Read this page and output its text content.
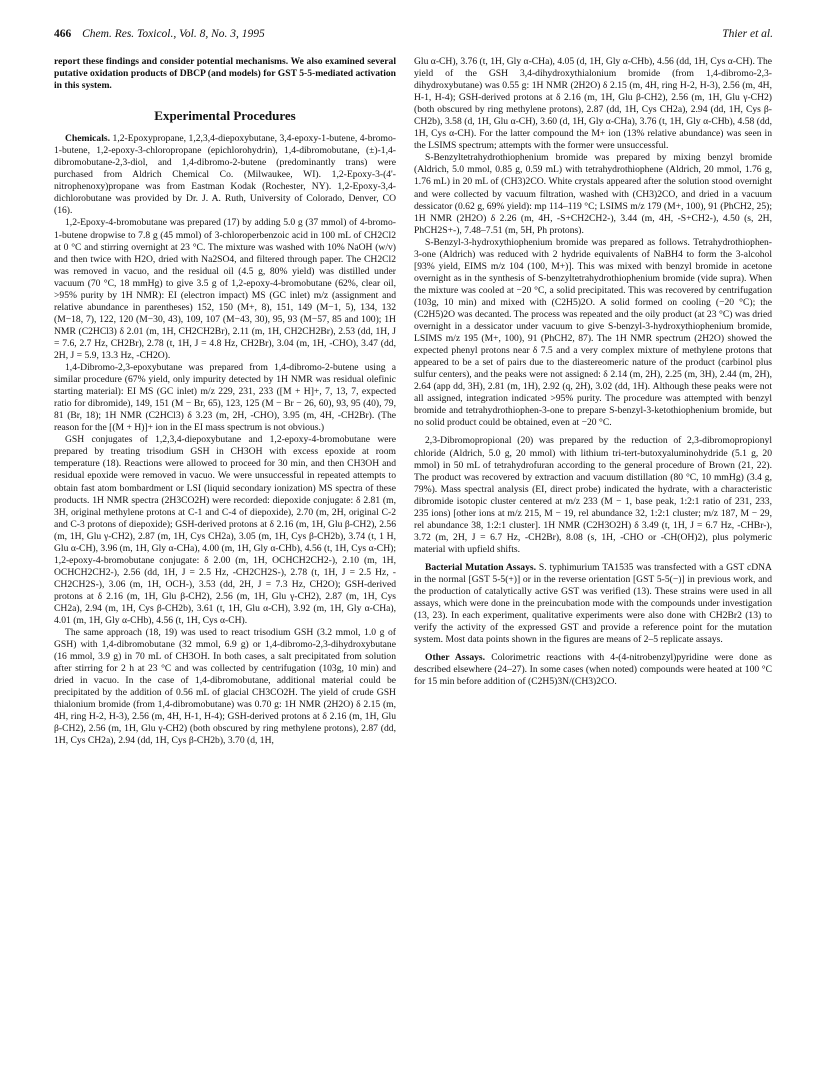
466 Chem. Res. Toxicol., Vol. 8, No. 3, 1995	Thier et al.

report these findings and consider potential mechanisms. We also examined several putative oxidation products of DBCP (and models) for GST 5-5-mediated activation in this system.

Experimental Procedures

Chemicals. 1,2-Epoxypropane, 1,2,3,4-diepoxybutane, 3,4-epoxy-1-butene, 4-bromo-1-butene, 1,2-epoxy-3-chloropropane (epichlorohydrin), 1,4-dibromobutane, (±)-1,4-dibromobutane-2,3-diol, and 1,4-dibromo-2-butene (predominantly trans) were purchased from Aldrich Chemical Co. (Milwaukee, WI). 1,2-Epoxy-3-(4'-nitrophenoxy)propane was from Eastman Kodak (Rochester, NY). 1,2-Epoxy-3,4-dichlorobutane was provided by Dr. J. A. Ruth, University of Colorado, Denver, CO (16).

1,2-Epoxy-4-bromobutane was prepared (17) by adding 5.0 g (37 mmol) of 4-bromo-1-butene dropwise to 7.8 g (45 mmol) of 3-chloroperbenzoic acid in 100 mL of CH2Cl2 at 0 °C and stirring overnight at 23 °C. The mixture was washed with 10% NaOH (w/v) and then twice with H2O, dried with Na2SO4, and filtered through paper. The CH2Cl2 was removed in vacuo, and the residual oil (4.5 g, 80% yield) was distilled under vacuum (70 °C, 18 mmHg) to give 3.5 g of 1,2-epoxy-4-bromobutane (62%, clear oil, >95% purity by 1H NMR): EI (electron impact) MS (GC inlet) m/z (assignment and relative abundance in parentheses) 152, 150 (M+, 8), 151, 149 (M−1, 5), 134, 132 (M−18, 7), 122, 120 (M−30, 43), 109, 107 (M−43, 30), 95, 93 (M−57, 85 and 100); 1H NMR (C2HCl3) δ 2.01 (m, 1H, CH2CH2Br), 2.11 (m, 1H, CH2CH2Br), 2.53 (dd, 1H, J = 7.6, 2.7 Hz, CH2Br), 2.78 (t, 1H, J = 4.8 Hz, CH2Br), 3.04 (m, 1H, -CHO), 3.47 (dd, 2H, J = 5.9, 13.3 Hz, -CH2O).

1,4-Dibromo-2,3-epoxybutane was prepared from 1,4-dibromo-2-butene using a similar procedure (67% yield, only impurity detected by 1H NMR was residual olefinic starting material): EI MS (GC inlet) m/z 229, 231, 233 ([M + H]+, 7, 13, 7, expected ratio for dibromide), 149, 151 (M − Br, 65), 123, 125 (M − Br − 26, 60), 93, 95 (40), 79, 81 (Br, 18); 1H NMR (C2HCl3) δ 3.23 (m, 2H, -CHO), 3.95 (m, 4H, -CH2Br). (The reason for the [(M + H)]+ ion in the EI mass spectrum is not obvious.)

GSH conjugates of 1,2,3,4-diepoxybutane and 1,2-epoxy-4-bromobutane were prepared by treating trisodium GSH in CH3OH with excess epoxide at room temperature (18). Reactions were allowed to proceed for 30 min, and then CH3OH and residual epoxide were removed in vacuo. We were unsuccessful in repeated attempts to obtain fast atom bombardment or LSI (liquid secondary ionization) MS spectra of these products. 1H NMR spectra (2H3CO2H) were recorded: diepoxide conjugate: δ 2.81 (m, 3H, original methylene protons at C-1 and C-4 of diepoxide), 2.70 (m, 2H, original C-2 and C-3 protons of diepoxide); GSH-derived protons at δ 2.16 (m, 1H, Glu β-CH2), 2.56 (m, 1H, Glu γ-CH2), 2.87 (m, 1H, Cys CH2a), 3.05 (m, 1H, Cys β-CH2b), 3.74 (t, 1 H, Glu α-CH), 3.96 (m, 1H, Gly α-CHa), 4.00 (m, 1H, Gly α-CHb), 4.56 (t, 1H, Cys α-CH); 1,2-epoxy-4-bromobutane conjugate: δ 2.00 (m, 1H, OCHCH2CH2-), 2.10 (m, 1H, OCHCH2CH2-), 2.56 (dd, 1H, J = 2.5 Hz, -CH2CH2S-), 2.78 (t, 1H, J = 2.5 Hz, -CH2CH2S-), 3.06 (m, 1H, OCH-), 3.53 (dd, 2H, J = 7.3 Hz, CH2O); GSH-derived protons at δ 2.16 (m, 1H, Glu β-CH2), 2.56 (m, 1H, Glu γ-CH2), 2.87 (m, 1H, Cys CH2a), 2.94 (m, 1H, Cys β-CH2b), 3.61 (t, 1H, Glu α-CH), 3.92 (m, 1H, Gly α-CHa), 4.01 (m, 1H, Gly α-CHb), 4.56 (t, 1H, Cys α-CH).

The same approach (18, 19) was used to react trisodium GSH (3.2 mmol, 1.0 g of GSH) with 1,4-dibromobutane (32 mmol, 6.9 g) or 1,4-dibromo-2,3-dihydroxybutane (16 mmol, 3.9 g) in 70 mL of CH3OH. In both cases, a salt precipitated from solution after stirring for 2 h at 23 °C and was collected by centrifugation (103g, 10 min) and dried in vacuo. In the case of 1,4-dibromobutane, additional material could be precipitated by the addition of 0.56 mL of glacial CH3CO2H. The yield of crude GSH thialonium bromide (from 1,4-dibromobutane) was 0.70 g: 1H NMR (2H2O) δ 2.15 (m, 4H, ring H-2, H-3), 2.56 (m, 4H, H-1, H-4); GSH-derived protons at δ 2.16 (m, 1H, Glu β-CH2), 2.56 (m, 1H, Glu γ-CH2) (both obscured by ring methylene protons), 2.87 (dd, 1H, Cys CH2a), 2.94 (dd, 1H, Cys β-CH2b), 3.70 (d, 1H,

Glu α-CH), 3.76 (t, 1H, Gly α-CHa), 4.05 (d, 1H, Gly α-CHb), 4.56 (dd, 1H, Cys α-CH). The yield of the GSH 3,4-dihydroxythialonium bromide (from 1,4-dibromo-2,3-dihydroxybutane) was 0.55 g: 1H NMR (2H2O) δ 2.15 (m, 4H, ring H-2, H-3), 2.56 (m, 4H, H-1, H-4); GSH-derived protons at δ 2.16 (m, 1H, Glu β-CH2), 2.56 (m, 1H, Glu γ-CH2) (both obscured by ring methylene protons), 2.87 (dd, 1H, Cys CH2a), 2.94 (dd, 1H, Cys β-CH2b), 3.58 (d, 1H, Glu α-CH), 3.60 (d, 1H, Gly α-CHa), 3.76 (t, 1H, Gly α-CHb), 4.58 (dd, 1H, Cys α-CH). For the latter compound the M+ ion (13% relative abundance) was seen in the LSIMS spectrum; attempts with the former were unsuccessful.

S-Benzyltetrahydrothiophenium bromide was prepared by mixing benzyl bromide (Aldrich, 5.0 mmol, 0.85 g, 0.59 mL) with tetrahydrothiophene (Aldrich, 20 mmol, 1.76 g, 1.76 mL) in 20 mL of (CH3)2CO. White crystals appeared after the solution stood overnight and were collected by vacuum filtration, washed with (CH3)2CO, and dried in a vacuum dessicator (0.62 g, 69% yield): mp 114–119 °C; LSIMS m/z 179 (M+, 100), 91 (PhCH2, 25); 1H NMR (2H2O) δ 2.26 (m, 4H, -S+CH2CH2-), 3.44 (m, 4H, -S+CH2-), 4.50 (s, 2H, PhCH2S+-), 7.48–7.51 (m, 5H, Ph protons).

S-Benzyl-3-hydroxythiophenium bromide was prepared as follows. Tetrahydrothiophen-3-one (Aldrich) was reduced with 2 hydride equivalents of NaBH4 to form the 3-alcohol [93% yield, EIMS m/z 104 (100, M+)]. This was mixed with benzyl bromide in acetone overnight as in the synthesis of S-benzyltetrahydrothiophenium bromide (vide supra). When the mixture was cooled at −20 °C, a solid precipitated. This was recovered by centrifugation (103g, 10 min) and mixed with (C2H5)2O. A solid formed on cooling (−20 °C); the (C2H5)2O was decanted. The process was repeated and the oily product (at 23 °C) was dried overnight in a dessicator under vacuum to give S-benzyl-3-hydroxythiophenium bromide, LSIMS m/z 195 (M+, 100), 91 (PhCH2, 87). The 1H NMR spectrum (2H2O) showed the expected phenyl protons near δ 7.5 and a very complex mixture of methylene protons that appeared to be a set of pairs due to the diastereomeric nature of the product (carbinol plus sulfur centers), and the peaks were not assigned: δ 2.14 (m, 2H), 2.25 (m, 3H), 2.44 (m, 2H), 2.64 (app dd, 3H), 2.81 (m, 1H), 2.92 (q, 2H), 3.02 (dd, 1H). Although these peaks were not all assigned, integration indicated >95% purity. The procedure was attempted with benzyl bromide and tetrahydrothiophen-3-one to prepare S-benzyl-3-ketothiophenium bromide, but no solid product could be obtained, even at −20 °C.

2,3-Dibromopropional (20) was prepared by the reduction of 2,3-dibromopropionyl chloride (Aldrich, 5.0 g, 20 mmol) with lithium tri-tert-butoxyaluminohydride (5.1 g, 20 mmol) in 50 mL of tetrahydrofuran according to the general procedure of Brown (21, 22). The product was recovered by extraction and vacuum distillation (80 °C, 10 mmHg) (3.4 g, 79%). Mass spectral analysis (EI, direct probe) indicated the hydrate, with a characteristic dibromide isotopic cluster centered at m/z 233 (M − 1, base peak, 1:2:1 ratio of 231, 233, 235 ions) [other ions at m/z 215, M − 19, rel abundance 32, 1:2:1 cluster; m/z 187, M − 29, rel abundance 38, 1:2:1 cluster]. 1H NMR (C2H3O2H) δ 3.49 (t, 1H, J = 6.7 Hz, -CHBr-), 3.72 (m, 2H, J = 6.7 Hz, -CH2Br), 8.08 (s, 1H, -CHO or -CH(OH)2), plus polymeric material with upfield shifts.

Bacterial Mutation Assays. S. typhimurium TA1535 was transfected with a GST cDNA in the normal [GST 5-5(+)] or in the reverse orientation [GST 5-5(−)] in previous work, and the production of catalytically active GST was verified (13). These strains were used in all assays, which were done in the preincubation mode with the compounds under investigation (13, 23). In each experiment, qualitative experiments were also done with CH2Br2 (13) to verify the activity of the expressed GST and provide a reference point for the mutation system. Most data points shown in the figures are means of 2–5 replicate assays.

Other Assays. Colorimetric reactions with 4-(4-nitrobenzyl)pyridine were done as described elsewhere (24–27). In some cases (when noted) compounds were heated at 100 °C for 15 min before addition of (C2H5)3N/(CH3)2CO.
